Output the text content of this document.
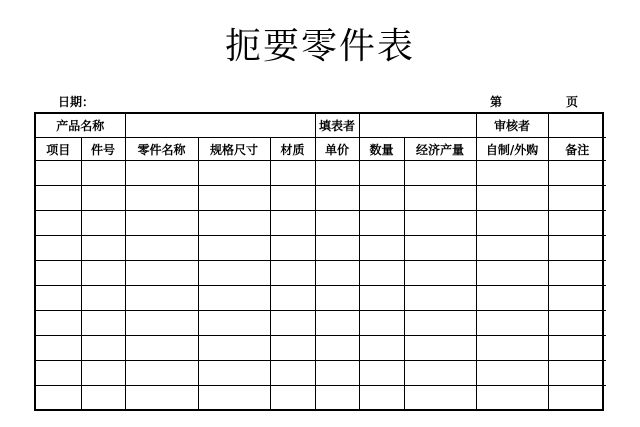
扼要零件表
日期：	第	页
产品名称					填表者			审核者	
项目	件号	零件名称	规格尺寸	材质	单价	数量	经济产量	自制/外购	备注
